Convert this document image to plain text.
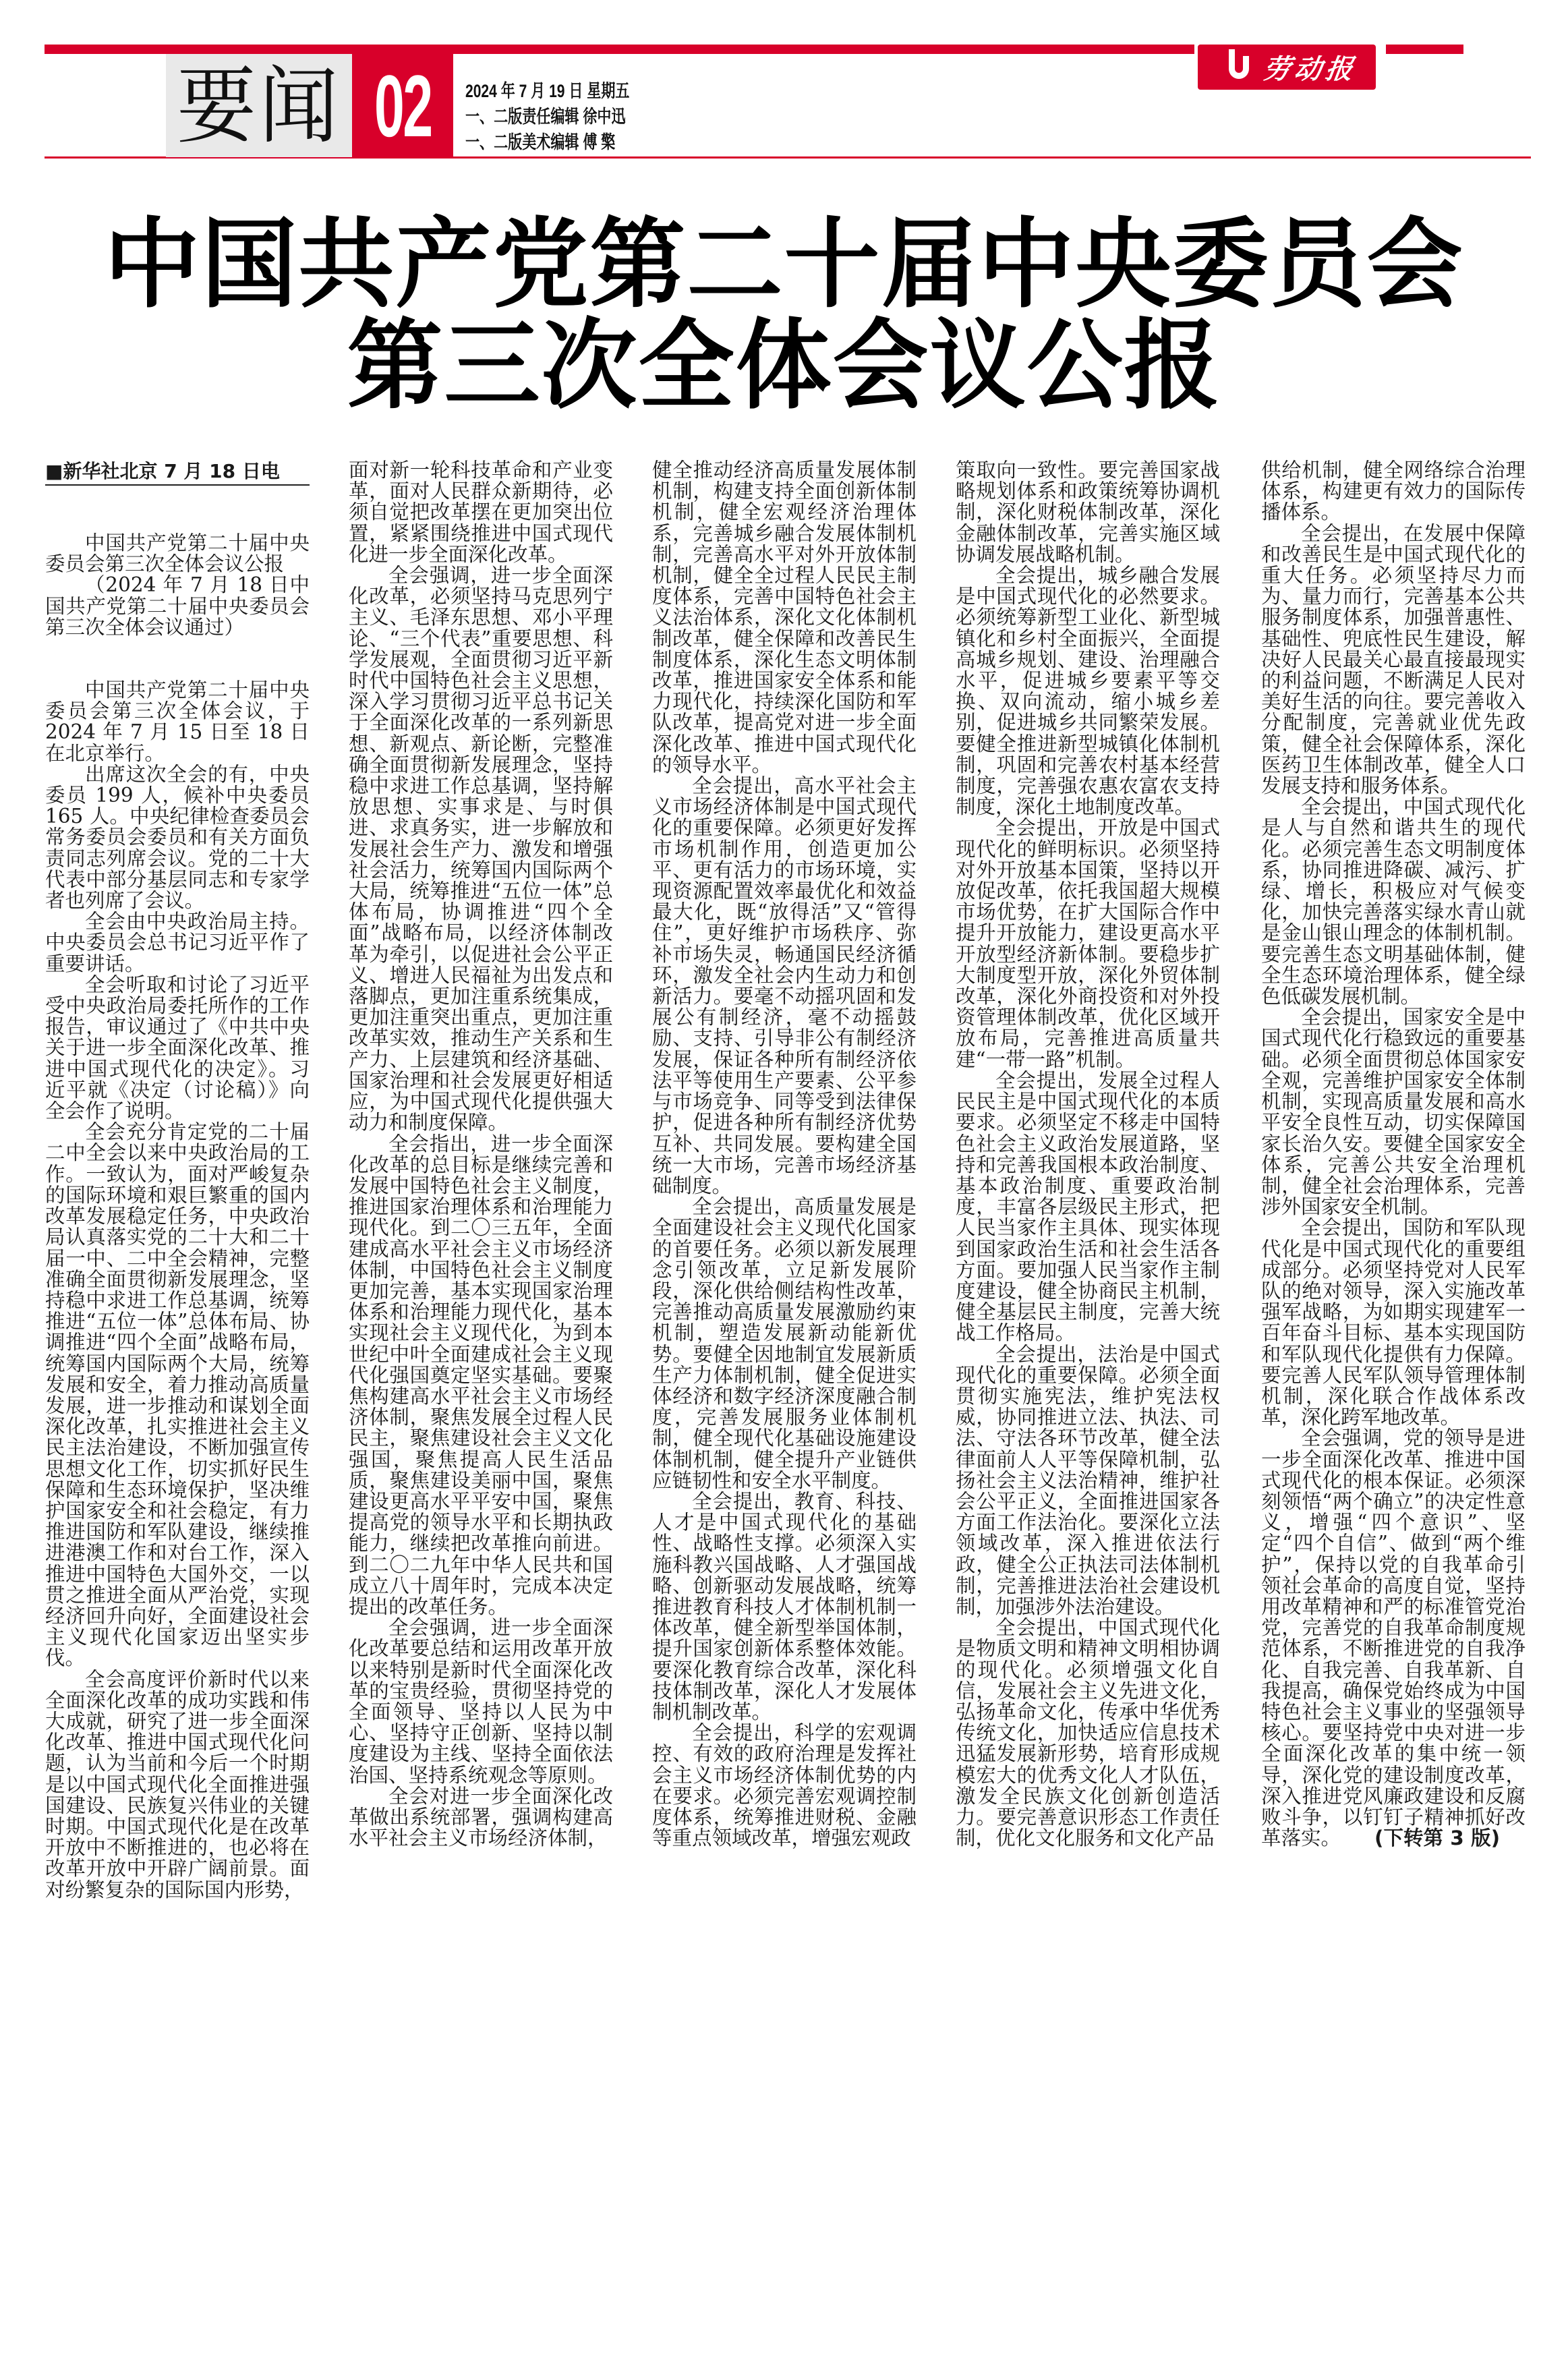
要闻 02 2024 年 7 月 19 日 星期五
一、二版责任编辑 徐中迅
一、二版美术编辑 傅 檠
劳动报
中国共产党第二十届中央委员会
第三次全体会议公报
■新华社北京 7 月 18 日电

中国共产党第二十届中央委员会第三次全体会议公报

（2024 年 7 月 18 日中国共产党第二十届中央委员会第三次全体会议通过）

中国共产党第二十届中央委员会第三次全体会议，于 2024 年 7 月 15 日至 18 日在北京举行。

出席这次全会的有，中央委员 199 人，候补中央委员 165 人。中央纪律检查委员会常务委员会委员和有关方面负责同志列席会议。党的二十大代表中部分基层同志和专家学者也列席了会议。

全会由中央政治局主持。中央委员会总书记习近平作了重要讲话。

全会听取和讨论了习近平受中央政治局委托所作的工作报告，审议通过了《中共中央关于进一步全面深化改革、推进中国式现代化的决定》。习近平就《决定（讨论稿）》向全会作了说明。

全会充分肯定党的二十届二中全会以来中央政治局的工作。一致认为，面对严峻复杂的国际环境和艰巨繁重的国内改革发展稳定任务，中央政治局认真落实党的二十大和二十届一中、二中全会精神，完整准确全面贯彻新发展理念，坚持稳中求进工作总基调，统筹推进“五位一体”总体布局、协调推进“四个全面”战略布局，统筹国内国际两个大局，统筹发展和安全，着力推动高质量发展，进一步推动和谋划全面深化改革，扎实推进社会主义民主法治建设，不断加强宣传思想文化工作，切实抓好民生保障和生态环境保护，坚决维护国家安全和社会稳定，有力推进国防和军队建设，继续推进港澳工作和对台工作，深入推进中国特色大国外交，一以贯之推进全面从严治党，实现经济回升向好，全面建设社会主义现代化国家迈出坚实步伐。

全会高度评价新时代以来全面深化改革的成功实践和伟大成就，研究了进一步全面深化改革、推进中国式现代化问题，认为当前和今后一个时期是以中国式现代化全面推进强国建设、民族复兴伟业的关键时期。中国式现代化是在改革开放中不断推进的，也必将在改革开放中开辟广阔前景。面对纷繁复杂的国际国内形势，

面对新一轮科技革命和产业变革，面对人民群众新期待，必须自觉把改革摆在更加突出位置，紧紧围绕推进中国式现代化进一步全面深化改革。

全会强调，进一步全面深化改革，必须坚持马克思列宁主义、毛泽东思想、邓小平理论、“三个代表”重要思想、科学发展观，全面贯彻习近平新时代中国特色社会主义思想，深入学习贯彻习近平总书记关于全面深化改革的一系列新思想、新观点、新论断，完整准确全面贯彻新发展理念，坚持稳中求进工作总基调，坚持解放思想、实事求是、与时俱进、求真务实，进一步解放和发展社会生产力、激发和增强社会活力，统筹国内国际两个大局，统筹推进“五位一体”总体布局，协调推进“四个全面”战略布局，以经济体制改革为牵引，以促进社会公平正义、增进人民福祉为出发点和落脚点，更加注重系统集成，更加注重突出重点，更加注重改革实效，推动生产关系和生产力、上层建筑和经济基础、国家治理和社会发展更好相适应，为中国式现代化提供强大动力和制度保障。

全会指出，进一步全面深化改革的总目标是继续完善和发展中国特色社会主义制度，推进国家治理体系和治理能力现代化。到二〇三五年，全面建成高水平社会主义市场经济体制，中国特色社会主义制度更加完善，基本实现国家治理体系和治理能力现代化，基本实现社会主义现代化，为到本世纪中叶全面建成社会主义现代化强国奠定坚实基础。要聚焦构建高水平社会主义市场经济体制，聚焦发展全过程人民民主，聚焦建设社会主义文化强国，聚焦提高人民生活品质，聚焦建设美丽中国，聚焦建设更高水平平安中国，聚焦提高党的领导水平和长期执政能力，继续把改革推向前进。到二〇二九年中华人民共和国成立八十周年时，完成本决定提出的改革任务。

全会强调，进一步全面深化改革要总结和运用改革开放以来特别是新时代全面深化改革的宝贵经验，贯彻坚持党的全面领导、坚持以人民为中心、坚持守正创新、坚持以制度建设为主线、坚持全面依法治国、坚持系统观念等原则。

全会对进一步全面深化改革做出系统部署，强调构建高水平社会主义市场经济体制，

健全推动经济高质量发展体制机制，构建支持全面创新体制机制，健全宏观经济治理体系，完善城乡融合发展体制机制，完善高水平对外开放体制机制，健全全过程人民民主制度体系，完善中国特色社会主义法治体系，深化文化体制机制改革，健全保障和改善民生制度体系，深化生态文明体制改革，推进国家安全体系和能力现代化，持续深化国防和军队改革，提高党对进一步全面深化改革、推进中国式现代化的领导水平。

全会提出，高水平社会主义市场经济体制是中国式现代化的重要保障。必须更好发挥市场机制作用，创造更加公平、更有活力的市场环境，实现资源配置效率最优化和效益最大化，既“放得活”又“管得住”，更好维护市场秩序、弥补市场失灵，畅通国民经济循环，激发全社会内生动力和创新活力。要毫不动摇巩固和发展公有制经济，毫不动摇鼓励、支持、引导非公有制经济发展，保证各种所有制经济依法平等使用生产要素、公平参与市场竞争、同等受到法律保护，促进各种所有制经济优势互补、共同发展。要构建全国统一大市场，完善市场经济基础制度。

全会提出，高质量发展是全面建设社会主义现代化国家的首要任务。必须以新发展理念引领改革，立足新发展阶段，深化供给侧结构性改革，完善推动高质量发展激励约束机制，塑造发展新动能新优势。要健全因地制宜发展新质生产力体制机制，健全促进实体经济和数字经济深度融合制度，完善发展服务业体制机制，健全现代化基础设施建设体制机制，健全提升产业链供应链韧性和安全水平制度。

全会提出，教育、科技、人才是中国式现代化的基础性、战略性支撑。必须深入实施科教兴国战略、人才强国战略、创新驱动发展战略，统筹推进教育科技人才体制机制一体改革，健全新型举国体制，提升国家创新体系整体效能。要深化教育综合改革，深化科技体制改革，深化人才发展体制机制改革。

全会提出，科学的宏观调控、有效的政府治理是发挥社会主义市场经济体制优势的内在要求。必须完善宏观调控制度体系，统筹推进财税、金融等重点领域改革，增强宏观政

策取向一致性。要完善国家战略规划体系和政策统筹协调机制，深化财税体制改革，深化金融体制改革，完善实施区域协调发展战略机制。

全会提出，城乡融合发展是中国式现代化的必然要求。必须统筹新型工业化、新型城镇化和乡村全面振兴，全面提高城乡规划、建设、治理融合水平，促进城乡要素平等交换、双向流动，缩小城乡差别，促进城乡共同繁荣发展。要健全推进新型城镇化体制机制，巩固和完善农村基本经营制度，完善强农惠农富农支持制度，深化土地制度改革。

全会提出，开放是中国式现代化的鲜明标识。必须坚持对外开放基本国策，坚持以开放促改革，依托我国超大规模市场优势，在扩大国际合作中提升开放能力，建设更高水平开放型经济新体制。要稳步扩大制度型开放，深化外贸体制改革，深化外商投资和对外投资管理体制改革，优化区域开放布局，完善推进高质量共建“一带一路”机制。

全会提出，发展全过程人民民主是中国式现代化的本质要求。必须坚定不移走中国特色社会主义政治发展道路，坚持和完善我国根本政治制度、基本政治制度、重要政治制度，丰富各层级民主形式，把人民当家作主具体、现实体现到国家政治生活和社会生活各方面。要加强人民当家作主制度建设，健全协商民主机制，健全基层民主制度，完善大统战工作格局。

全会提出，法治是中国式现代化的重要保障。必须全面贯彻实施宪法，维护宪法权威，协同推进立法、执法、司法、守法各环节改革，健全法律面前人人平等保障机制，弘扬社会主义法治精神，维护社会公平正义，全面推进国家各方面工作法治化。要深化立法领域改革，深入推进依法行政，健全公正执法司法体制机制，完善推进法治社会建设机制，加强涉外法治建设。

全会提出，中国式现代化是物质文明和精神文明相协调的现代化。必须增强文化自信，发展社会主义先进文化，弘扬革命文化，传承中华优秀传统文化，加快适应信息技术迅猛发展新形势，培育形成规模宏大的优秀文化人才队伍，激发全民族文化创新创造活力。要完善意识形态工作责任制，优化文化服务和文化产品

供给机制，健全网络综合治理体系，构建更有效力的国际传播体系。

全会提出，在发展中保障和改善民生是中国式现代化的重大任务。必须坚持尽力而为、量力而行，完善基本公共服务制度体系，加强普惠性、基础性、兜底性民生建设，解决好人民最关心最直接最现实的利益问题，不断满足人民对美好生活的向往。要完善收入分配制度，完善就业优先政策，健全社会保障体系，深化医药卫生体制改革，健全人口发展支持和服务体系。

全会提出，中国式现代化是人与自然和谐共生的现代化。必须完善生态文明制度体系，协同推进降碳、减污、扩绿、增长，积极应对气候变化，加快完善落实绿水青山就是金山银山理念的体制机制。要完善生态文明基础体制，健全生态环境治理体系，健全绿色低碳发展机制。

全会提出，国家安全是中国式现代化行稳致远的重要基础。必须全面贯彻总体国家安全观，完善维护国家安全体制机制，实现高质量发展和高水平安全良性互动，切实保障国家长治久安。要健全国家安全体系，完善公共安全治理机制，健全社会治理体系，完善涉外国家安全机制。

全会提出，国防和军队现代化是中国式现代化的重要组成部分。必须坚持党对人民军队的绝对领导，深入实施改革强军战略，为如期实现建军一百年奋斗目标、基本实现国防和军队现代化提供有力保障。要完善人民军队领导管理体制机制，深化联合作战体系改革，深化跨军地改革。

全会强调，党的领导是进一步全面深化改革、推进中国式现代化的根本保证。必须深刻领悟“两个确立”的决定性意义，增强“四个意识”、坚定“四个自信”、做到“两个维护”，保持以党的自我革命引领社会革命的高度自觉，坚持用改革精神和严的标准管党治党，完善党的自我革命制度规范体系，不断推进党的自我净化、自我完善、自我革新、自我提高，确保党始终成为中国特色社会主义事业的坚强领导核心。要坚持党中央对进一步全面深化改革的集中统一领导，深化党的建设制度改革，深入推进党风廉政建设和反腐败斗争，以钉钉子精神抓好改革落实。 (下转第 3 版)
